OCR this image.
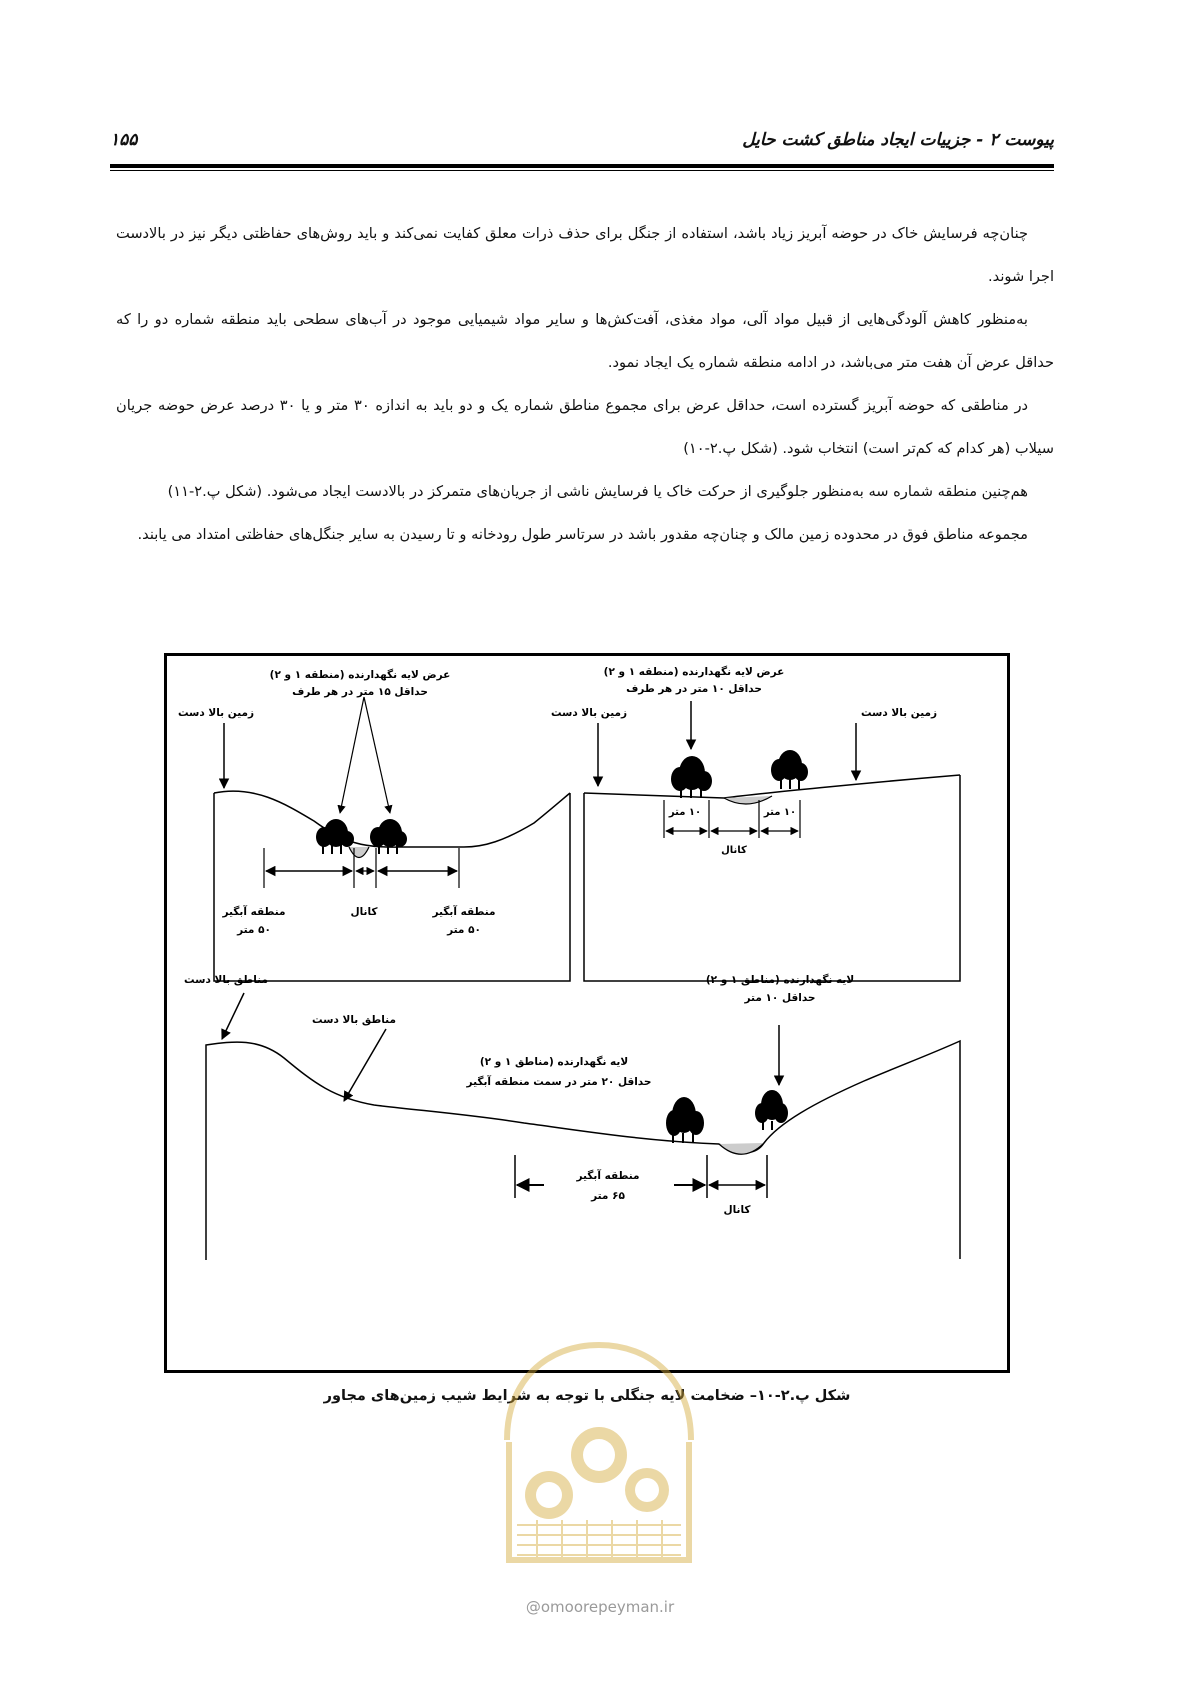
پیوست ۲ - جزییات ایجاد مناطق کشت حایل
۱۵۵

چنان‌چه فرسایش خاک در حوضه آبریز زیاد باشد، استفاده از جنگل برای حذف ذرات معلق کفایت نمی‌کند و باید روش‌های حفاظتی دیگر نیز در بالادست اجرا شوند.

به‌منظور کاهش آلودگی‌هایی از قبیل مواد آلی، مواد مغذی، آفت‌کش‌ها و سایر مواد شیمیایی موجود در آب‌های سطحی باید منطقه شماره دو را که حداقل عرض آن هفت متر می‌باشد، در ادامه منطقه شماره یک ایجاد نمود.

در مناطقی که حوضه آبریز گسترده است، حداقل عرض برای مجموع مناطق شماره یک و دو باید به اندازه ۳۰ متر و یا ۳۰ درصد عرض حوضه جریان سیلاب (هر کدام که کم‌تر است) انتخاب شود. (شکل پ.۲-۱۰)

هم‌چنین منطقه شماره سه به‌منظور جلوگیری از حرکت خاک یا فرسایش ناشی از جریان‌های متمرکز در بالادست ایجاد می‌شود. (شکل پ.۲-۱۱)

مجموعه مناطق فوق در محدوده زمین مالک و چنان‌چه مقدور باشد در سرتاسر طول رودخانه و تا رسیدن به سایر جنگل‌های حفاظتی امتداد می یابند.

عرض لایه نگهدارنده (منطقه ۱ و ۲)
حداقل ۱۵ متر در هر طرف
زمین بالا دست
منطقه آبگیر
۵۰ متر
کانال	منطقه آبگیر
۵۰ متر
عرض لایه نگهدارنده (منطقه ۱ و ۲)
حداقل ۱۰ متر در هر طرف
زمین بالا دست	زمین بالا دست
۱۰ متر	۱۰ متر
کانال
مناطق بالا دست
مناطق بالا دست
لایه نگهدارنده (مناطق ۱ و ۲)
حداقل ۱۰ متر
لایه نگهدارنده (مناطق ۱ و ۲)
حداقل ۲۰ متر در سمت منطقه آبگیر
منطقه آبگیر
۶۵ متر
کانال
شکل پ.۲-۱۰– ضخامت لایه جنگلی با توجه به شرایط شیب زمین‌های مجاور
@omoorepeyman.ir
